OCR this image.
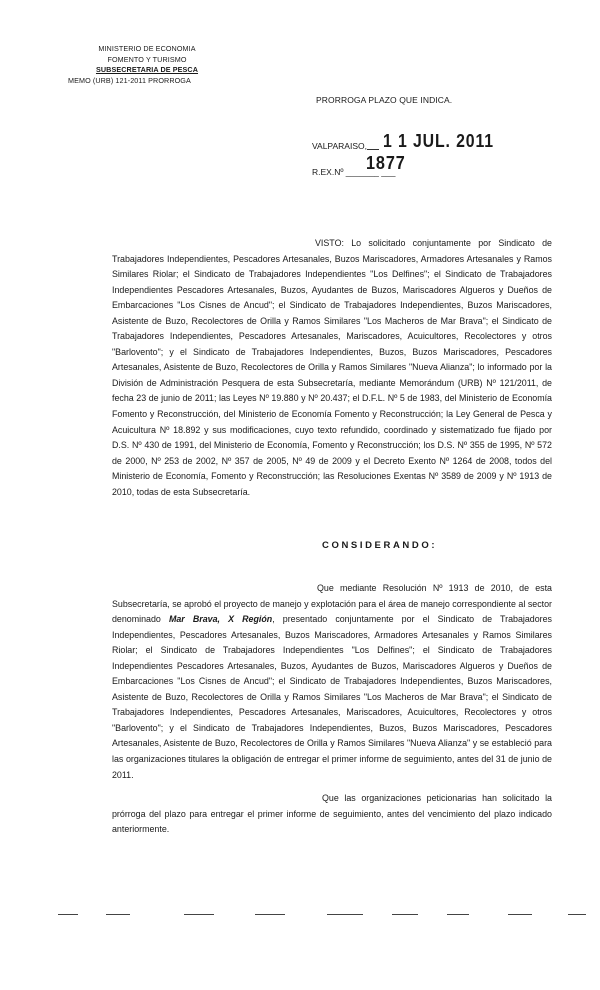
MINISTERIO DE ECONOMIA
FOMENTO Y TURISMO
SUBSECRETARIA DE PESCA
MEMO (URB) 121-2011 PRORROGA
PRORROGA PLAZO QUE INDICA.
VALPARAISO, 1 1 JUL. 2011
1877
R.EX.Nº _______ ___
VISTO: Lo solicitado conjuntamente por Sindicato de Trabajadores Independientes, Pescadores Artesanales, Buzos Mariscadores, Armadores Artesanales y Ramos Similares Riolar; el Sindicato de Trabajadores Independientes "Los Delfines"; el Sindicato de Trabajadores Independientes Pescadores Artesanales, Buzos, Ayudantes de Buzos, Mariscadores Algueros y Dueños de Embarcaciones "Los Cisnes de Ancud"; el Sindicato de Trabajadores Independientes, Buzos Mariscadores, Asistente de Buzo, Recolectores de Orilla y Ramos Similares "Los Macheros de Mar Brava"; el Sindicato de Trabajadores Independientes, Pescadores Artesanales, Mariscadores, Acuicultores, Recolectores y otros "Barlovento"; y el Sindicato de Trabajadores Independientes, Buzos, Buzos Mariscadores, Pescadores Artesanales, Asistente de Buzo, Recolectores de Orilla y Ramos Similares "Nueva Alianza"; lo informado por la División de Administración Pesquera de esta Subsecretaría, mediante Memorándum (URB) Nº 121/2011, de fecha 23 de junio de 2011; las Leyes Nº 19.880 y Nº 20.437; el D.F.L. Nº 5 de 1983, del Ministerio de Economía Fomento y Reconstrucción, del Ministerio de Economía Fomento y Reconstrucción; la Ley General de Pesca y Acuicultura Nº 18.892 y sus modificaciones, cuyo texto refundido, coordinado y sistematizado fue fijado por D.S. Nº 430 de 1991, del Ministerio de Economía, Fomento y Reconstrucción; los D.S. Nº 355 de 1995, Nº 572 de 2000, Nº 253 de 2002, Nº 357 de 2005, Nº 49 de 2009 y el Decreto Exento Nº 1264 de 2008, todos del Ministerio de Economía, Fomento y Reconstrucción; las Resoluciones Exentas Nº 3589 de 2009 y Nº 1913 de 2010, todas de esta Subsecretaría.
CONSIDERANDO:
Que mediante Resolución Nº 1913 de 2010, de esta Subsecretaría, se aprobó el proyecto de manejo y explotación para el área de manejo correspondiente al sector denominado Mar Brava, X Región, presentado conjuntamente por el Sindicato de Trabajadores Independientes, Pescadores Artesanales, Buzos Mariscadores, Armadores Artesanales y Ramos Similares Riolar; el Sindicato de Trabajadores Independientes "Los Delfines"; el Sindicato de Trabajadores Independientes Pescadores Artesanales, Buzos, Ayudantes de Buzos, Mariscadores Algueros y Dueños de Embarcaciones "Los Cisnes de Ancud"; el Sindicato de Trabajadores Independientes, Buzos Mariscadores, Asistente de Buzo, Recolectores de Orilla y Ramos Similares "Los Macheros de Mar Brava"; el Sindicato de Trabajadores Independientes, Pescadores Artesanales, Mariscadores, Acuicultores, Recolectores y otros "Barlovento"; y el Sindicato de Trabajadores Independientes, Buzos, Buzos Mariscadores, Pescadores Artesanales, Asistente de Buzo, Recolectores de Orilla y Ramos Similares "Nueva Alianza" y se estableció para las organizaciones titulares la obligación de entregar el primer informe de seguimiento, antes del 31 de junio de 2011.
Que las organizaciones peticionarias han solicitado la prórroga del plazo para entregar el primer informe de seguimiento, antes del vencimiento del plazo indicado anteriormente.
